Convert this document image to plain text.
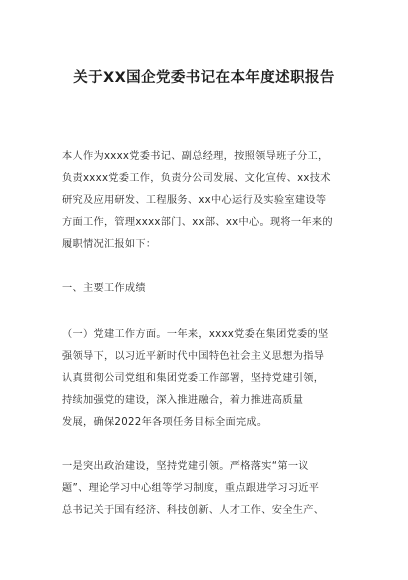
关于XX国企党委书记在本年度述职报告
本人作为xxxx党委书记、副总经理，按照领导班子分工，
负责xxxx党委工作，负责分公司发展、文化宣传、xx技术
研究及应用研发、工程服务、xx中心运行及实验室建设等
方面工作，管理xxxx部门、xx部、xx中心。现将一年来的
履职情况汇报如下：
一、主要工作成绩
（一）党建工作方面。一年来，xxxx党委在集团党委的坚
强领导下，以习近平新时代中国特色社会主义思想为指导
认真贯彻公司党组和集团党委工作部署，坚持党建引领，
持续加强党的建设，深入推进融合，着力推进高质量
发展，确保2022年各项任务目标全面完成。
一是突出政治建设，坚持党建引领。严格落实“第一议
题”、理论学习中心组等学习制度，重点跟进学习习近平
总书记关于国有经济、科技创新、人才工作、安全生产、
